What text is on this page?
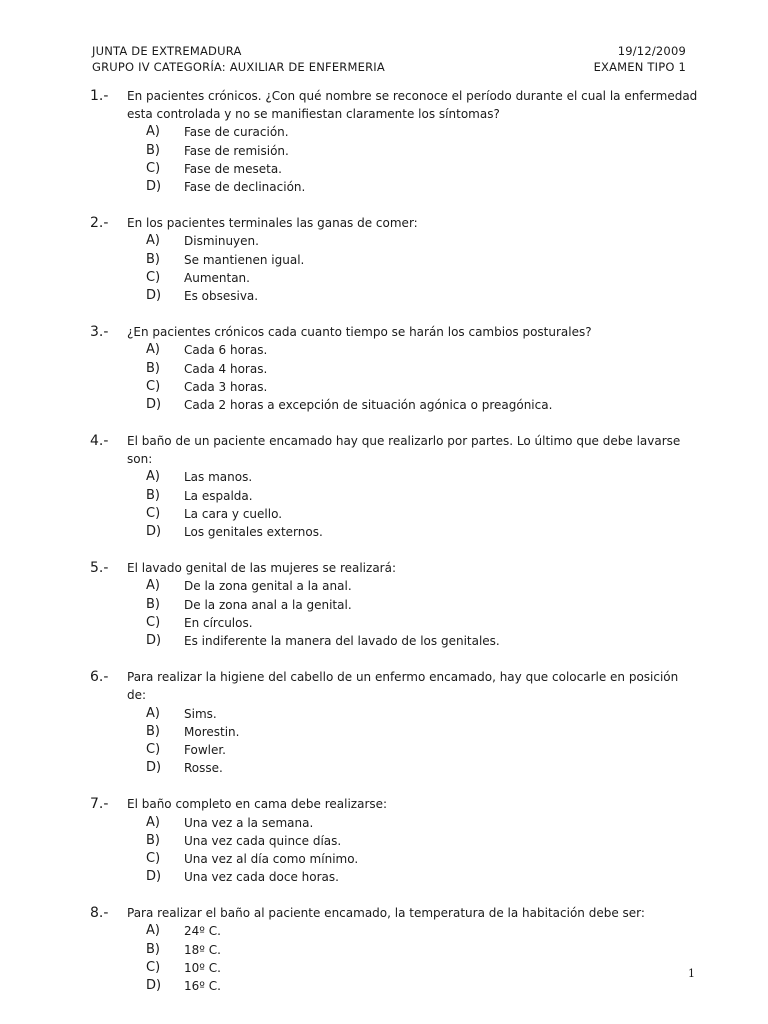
JUNTA DE EXTREMADURA	19/12/2009
GRUPO IV CATEGORÍA: AUXILIAR DE ENFERMERIA	EXAMEN TIPO 1
1.- En pacientes crónicos. ¿Con qué nombre se reconoce el período durante el cual la enfermedad esta controlada y no se manifiestan claramente los síntomas?
A)	Fase de curación.
B)	Fase de remisión.
C)	Fase de meseta.
D)	Fase de declinación.
2.- En los pacientes terminales las ganas de comer:
A)	Disminuyen.
B)	Se mantienen igual.
C)	Aumentan.
D)	Es obsesiva.
3.- ¿En pacientes crónicos cada cuanto tiempo se harán los cambios posturales?
A)	Cada 6 horas.
B)	Cada 4 horas.
C)	Cada 3 horas.
D)	Cada 2 horas a excepción de situación agónica o preagónica.
4.- El baño de un paciente encamado hay que realizarlo por partes. Lo último que debe lavarse son:
A)	Las manos.
B)	La espalda.
C)	La cara y cuello.
D)	Los genitales externos.
5.- El lavado genital de las mujeres se realizará:
A)	De la zona genital a la anal.
B)	De la zona anal a la genital.
C)	En círculos.
D)	Es indiferente la manera del lavado de los genitales.
6.- Para realizar la higiene del cabello de un enfermo encamado, hay que colocarle en posición de:
A)	Sims.
B)	Morestin.
C)	Fowler.
D)	Rosse.
7.- El baño completo en cama debe realizarse:
A)	Una vez a la semana.
B)	Una vez cada quince días.
C)	Una vez al día como mínimo.
D)	Una vez cada doce horas.
8.- Para realizar el baño al paciente encamado, la temperatura de la habitación debe ser:
A)	24º C.
B)	18º C.
C)	10º C.
D)	16º C.
1
